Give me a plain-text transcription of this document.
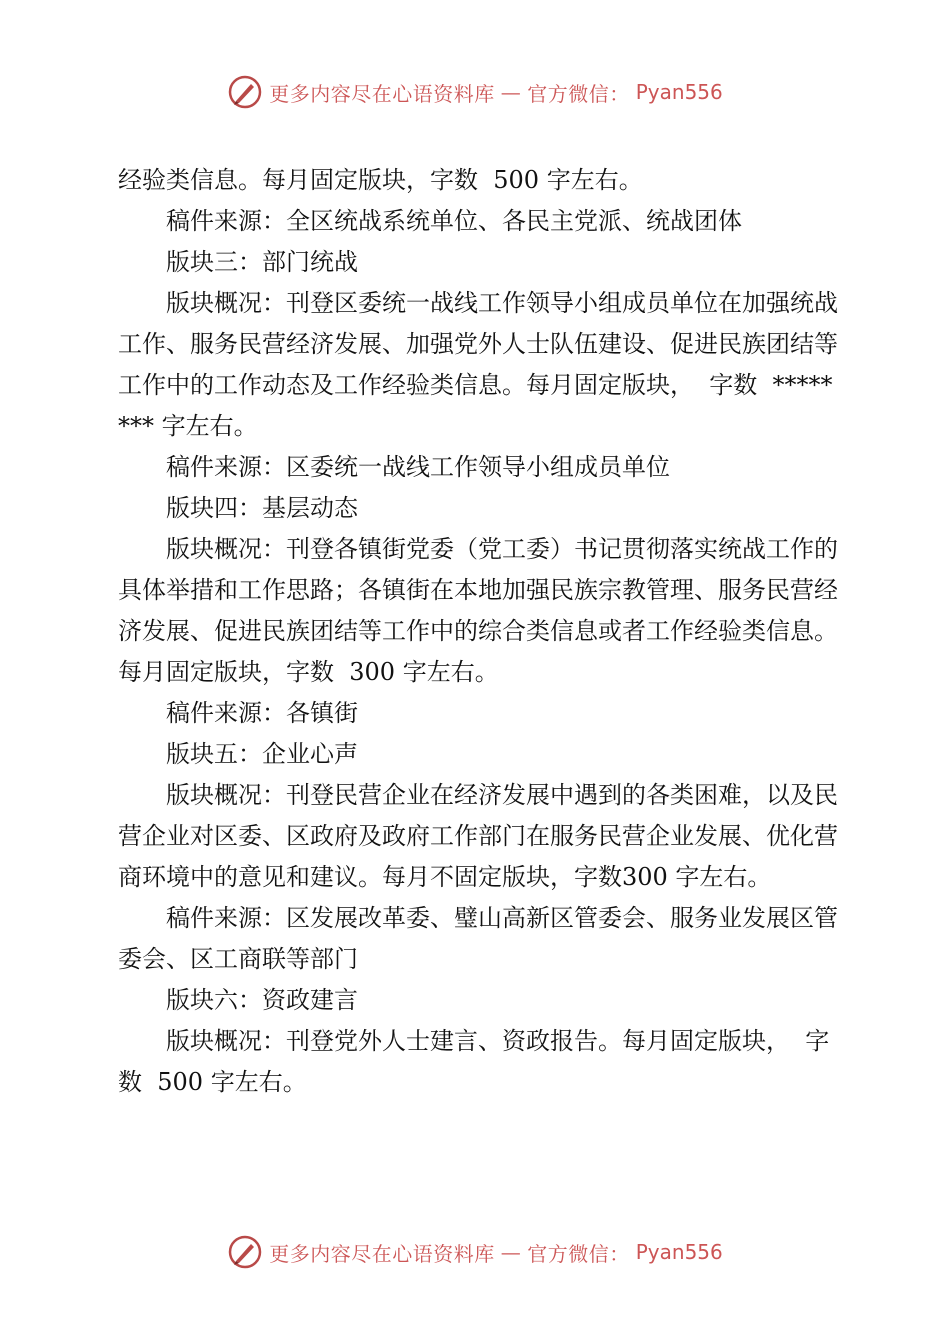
更多内容尽在心语资料库 — 官方微信： Pyan556

经验类信息。每月固定版块，字数  500 字左右。

稿件来源：全区统战系统单位、各民主党派、统战团体

版块三：部门统战

版块概况：刊登区委统一战线工作领导小组成员单位在加强统战工作、服务民营经济发展、加强党外人士队伍建设、促进民族团结等工作中的工作动态及工作经验类信息。每月固定版块，  字数  ******** 字左右。

稿件来源：区委统一战线工作领导小组成员单位

版块四：基层动态

版块概况：刊登各镇街党委（党工委）书记贯彻落实统战工作的具体举措和工作思路；各镇街在本地加强民族宗教管理、服务民营经济发展、促进民族团结等工作中的综合类信息或者工作经验类信息。每月固定版块，字数  300 字左右。

稿件来源：各镇街

版块五：企业心声

版块概况：刊登民营企业在经济发展中遇到的各类困难，以及民营企业对区委、区政府及政府工作部门在服务民营企业发展、优化营商环境中的意见和建议。每月不固定版块，字数300 字左右。

稿件来源：区发展改革委、璧山高新区管委会、服务业发展区管委会、区工商联等部门

版块六：资政建言

版块概况：刊登党外人士建言、资政报告。每月固定版块，  字数  500 字左右。

更多内容尽在心语资料库 — 官方微信： Pyan556
